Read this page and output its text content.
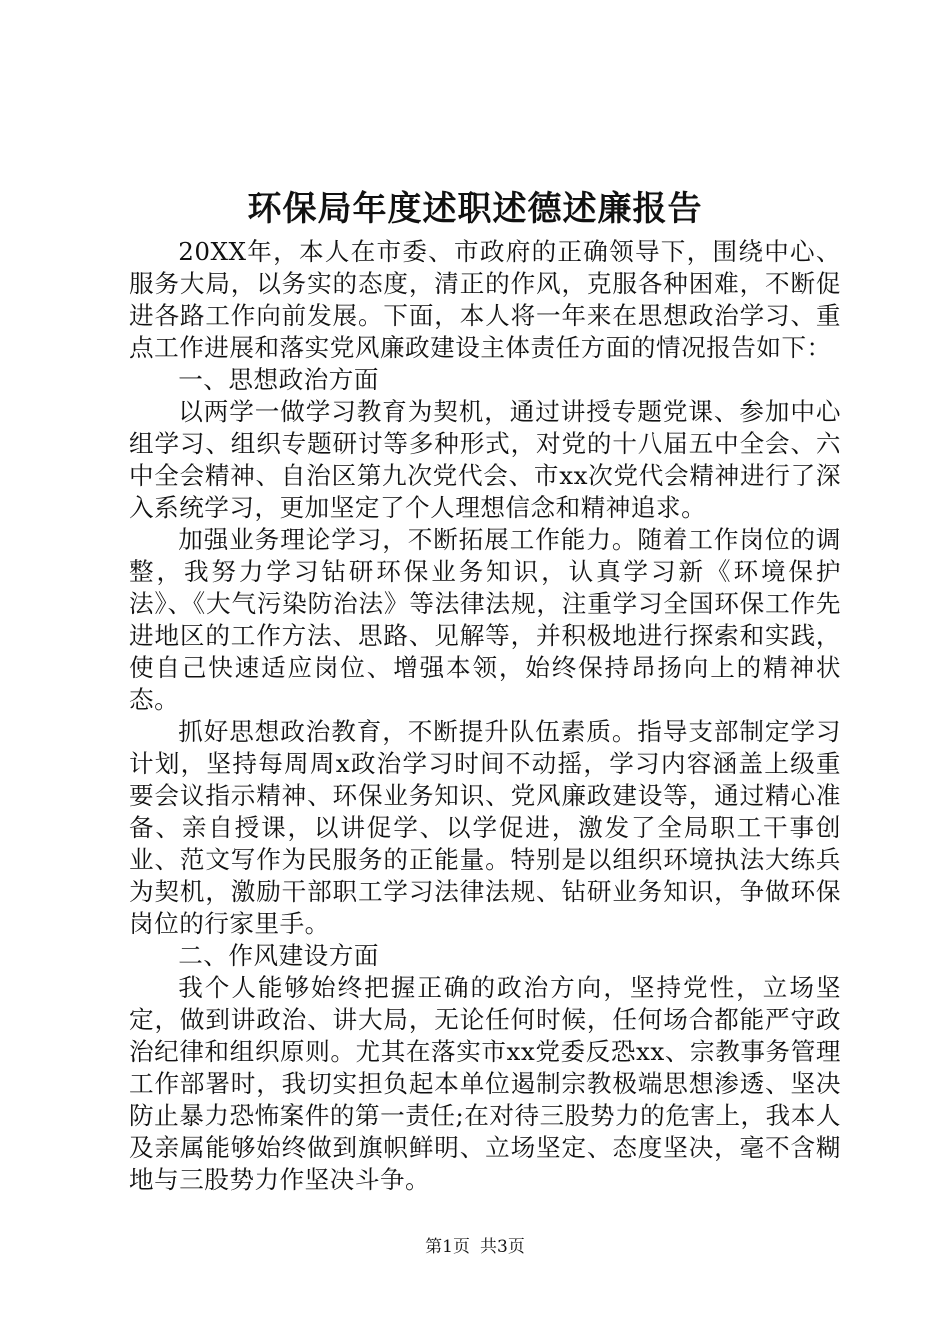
环保局年度述职述德述廉报告

20XX年，本人在市委、市政府的正确领导下，围绕中心、服务大局，以务实的态度，清正的作风，克服各种困难，不断促进各路工作向前发展。下面，本人将一年来在思想政治学习、重点工作进展和落实党风廉政建设主体责任方面的情况报告如下：

一、思想政治方面

以两学一做学习教育为契机，通过讲授专题党课、参加中心组学习、组织专题研讨等多种形式，对党的十八届五中全会、六中全会精神、自治区第九次党代会、市xx次党代会精神进行了深入系统学习，更加坚定了个人理想信念和精神追求。

加强业务理论学习，不断拓展工作能力。随着工作岗位的调整，我努力学习钻研环保业务知识，认真学习新《环境保护法》、《大气污染防治法》等法律法规，注重学习全国环保工作先进地区的工作方法、思路、见解等，并积极地进行探索和实践，使自己快速适应岗位、增强本领，始终保持昂扬向上的精神状态。

抓好思想政治教育，不断提升队伍素质。指导支部制定学习计划，坚持每周周x政治学习时间不动摇，学习内容涵盖上级重要会议指示精神、环保业务知识、党风廉政建设等，通过精心准备、亲自授课，以讲促学、以学促进，激发了全局职工干事创业、范文写作为民服务的正能量。特别是以组织环境执法大练兵为契机，激励干部职工学习法律法规、钻研业务知识，争做环保岗位的行家里手。

二、作风建设方面

我个人能够始终把握正确的政治方向，坚持党性，立场坚定，做到讲政治、讲大局，无论任何时候，任何场合都能严守政治纪律和组织原则。尤其在落实市xx党委反恐xx、宗教事务管理工作部署时，我切实担负起本单位遏制宗教极端思想渗透、坚决防止暴力恐怖案件的第一责任;在对待三股势力的危害上，我本人及亲属能够始终做到旗帜鲜明、立场坚定、态度坚决，毫不含糊地与三股势力作坚决斗争。

第1页 共3页
